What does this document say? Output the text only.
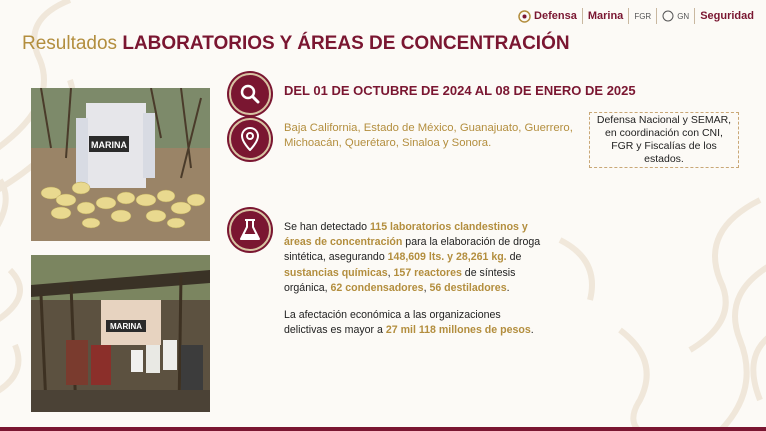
Defensa Marina FGR	GN Seguridad
Resultados LABORATORIOS Y ÁREAS DE CONCENTRACIÓN
MARINA
MARINA
DEL 01 DE OCTUBRE DE 2024 AL 08 DE ENERO DE 2025
Baja California, Estado de México, Guanajuato, Guerrero, Michoacán, Querétaro, Sinaloa y Sonora.
Defensa Nacional y SEMAR, en coordinación con CNI, FGR y Fiscalías de los estados.

Se han detectado 115 laboratorios clandestinos y áreas de concentración para la elaboración de droga sintética, asegurando 148,609 lts. y 28,261 kg. de sustancias químicas, 157 reactores de síntesis orgánica, 62 condensadores, 56 destiladores.

La afectación económica a las organizaciones delictivas es mayor a 27 mil 118 millones de pesos.
